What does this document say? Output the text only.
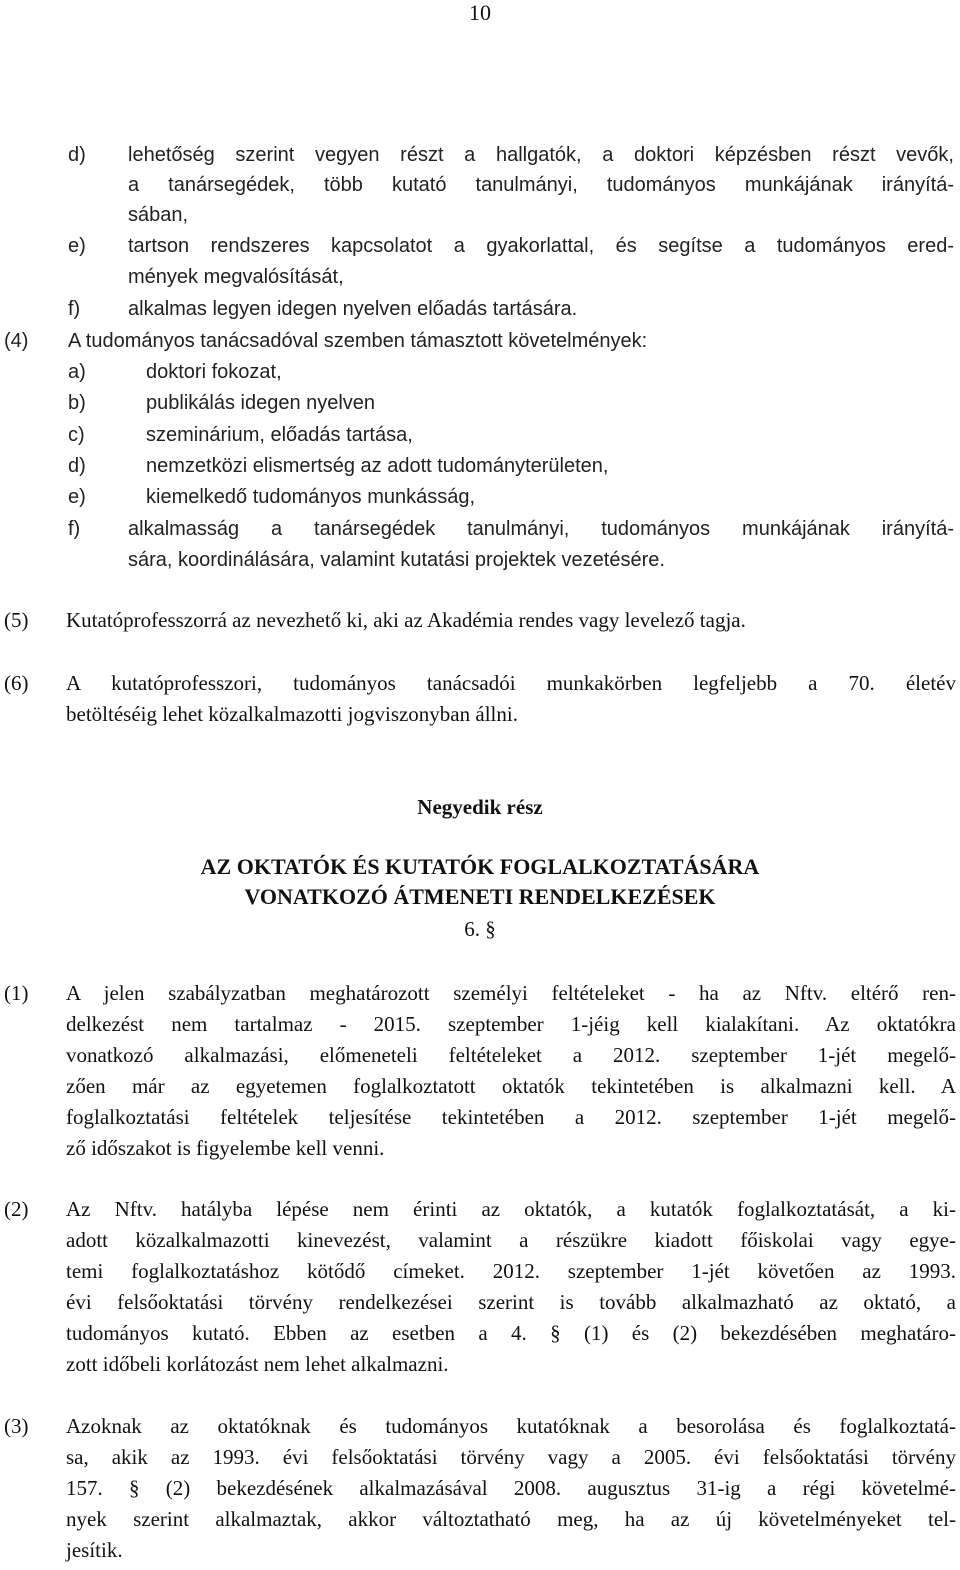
10
d) lehetőség szerint vegyen részt a hallgatók, a doktori képzésben részt vevők,
a tanársegédek, több kutató tanulmányi, tudományos munkájának irányítá-
sában,
e) tartson rendszeres kapcsolatot a gyakorlattal, és segítse a tudományos ered-
mények megvalósítását,
f) alkalmas legyen idegen nyelven előadás tartására.
(4) A tudományos tanácsadóval szemben támasztott követelmények:
a)	doktori fokozat,
b)	publikálás idegen nyelven
c)	szeminárium, előadás tartása,
d)	nemzetközi elismertség az adott tudományterületen,
e)	kiemelkedő tudományos munkásság,
f) alkalmasság a tanársegédek tanulmányi, tudományos munkájának irányítá-
sára, koordinálására, valamint kutatási projektek vezetésére.
(5) Kutatóprofesszorrá az nevezhető ki, aki az Akadémia rendes vagy levelező tagja.
(6) A kutatóprofesszori, tudományos tanácsadói munkakörben legfeljebb a 70. életév
betöltéséig lehet közalkalmazotti jogviszonyban állni.
Negyedik rész
AZ OKTATÓK ÉS KUTATÓK FOGLALKOZTATÁSÁRA
VONATKOZÓ ÁTMENETI RENDELKEZÉSEK
6. §
(1) A jelen szabályzatban meghatározott személyi feltételeket - ha az Nftv. eltérő ren-
delkezést nem tartalmaz - 2015. szeptember 1-jéig kell kialakítani. Az oktatókra
vonatkozó alkalmazási, előmeneteli feltételeket a 2012. szeptember 1-jét megelő-
zően már az egyetemen foglalkoztatott oktatók tekintetében is alkalmazni kell. A
foglalkoztatási feltételek teljesítése tekintetében a 2012. szeptember 1-jét megelő-
ző időszakot is figyelembe kell venni.
(2) Az Nftv. hatályba lépése nem érinti az oktatók, a kutatók foglalkoztatását, a ki-
adott közalkalmazotti kinevezést, valamint a részükre kiadott főiskolai vagy egye-
temi foglalkoztatáshoz kötődő címeket. 2012. szeptember 1-jét követően az 1993.
évi felsőoktatási törvény rendelkezései szerint is tovább alkalmazható az oktató, a
tudományos kutató. Ebben az esetben a 4. § (1) és (2) bekezdésében meghatáro-
zott időbeli korlátozást nem lehet alkalmazni.
(3) Azoknak az oktatóknak és tudományos kutatóknak a besorolása és foglalkoztatá-
sa, akik az 1993. évi felsőoktatási törvény vagy a 2005. évi felsőoktatási törvény
157. § (2) bekezdésének alkalmazásával 2008. augusztus 31-ig a régi követelmé-
nyek szerint alkalmaztak, akkor változtatható meg, ha az új követelményeket tel-
jesítik.
